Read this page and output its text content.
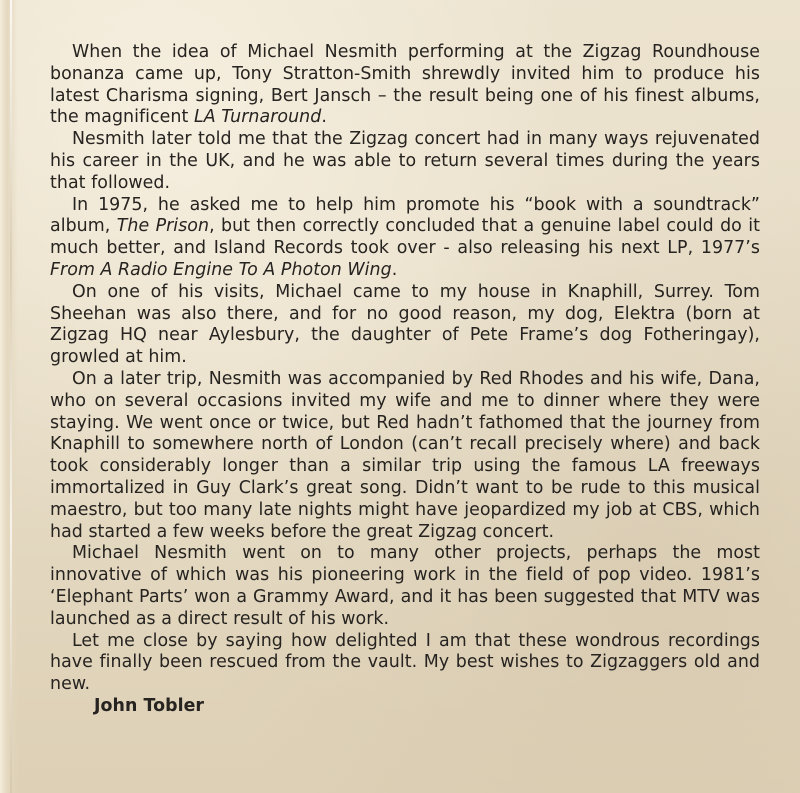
When the idea of Michael Nesmith performing at the Zigzag Roundhouse bonanza came up, Tony Stratton-Smith shrewdly invited him to produce his latest Charisma signing, Bert Jansch – the result being one of his finest albums, the magnificent LA Turnaround.

Nesmith later told me that the Zigzag concert had in many ways rejuvenated his career in the UK, and he was able to return several times during the years that followed.

In 1975, he asked me to help him promote his “book with a soundtrack” album, The Prison, but then correctly concluded that a genuine label could do it much better, and Island Records took over - also releasing his next LP, 1977’s From A Radio Engine To A Photon Wing.

On one of his visits, Michael came to my house in Knaphill, Surrey. Tom Sheehan was also there, and for no good reason, my dog, Elektra (born at Zigzag HQ near Aylesbury, the daughter of Pete Frame’s dog Fotheringay), growled at him.

On a later trip, Nesmith was accompanied by Red Rhodes and his wife, Dana, who on several occasions invited my wife and me to dinner where they were staying. We went once or twice, but Red hadn’t fathomed that the journey from Knaphill to somewhere north of London (can’t recall precisely where) and back took considerably longer than a similar trip using the famous LA freeways immortalized in Guy Clark’s great song. Didn’t want to be rude to this musical maestro, but too many late nights might have jeopardized my job at CBS, which had started a few weeks before the great Zigzag concert.

Michael Nesmith went on to many other projects, perhaps the most innovative of which was his pioneering work in the field of pop video. 1981’s ‘Elephant Parts’ won a Grammy Award, and it has been suggested that MTV was launched as a direct result of his work.

Let me close by saying how delighted I am that these wondrous recordings have finally been rescued from the vault. My best wishes to Zigzaggers old and new.

John Tobler
